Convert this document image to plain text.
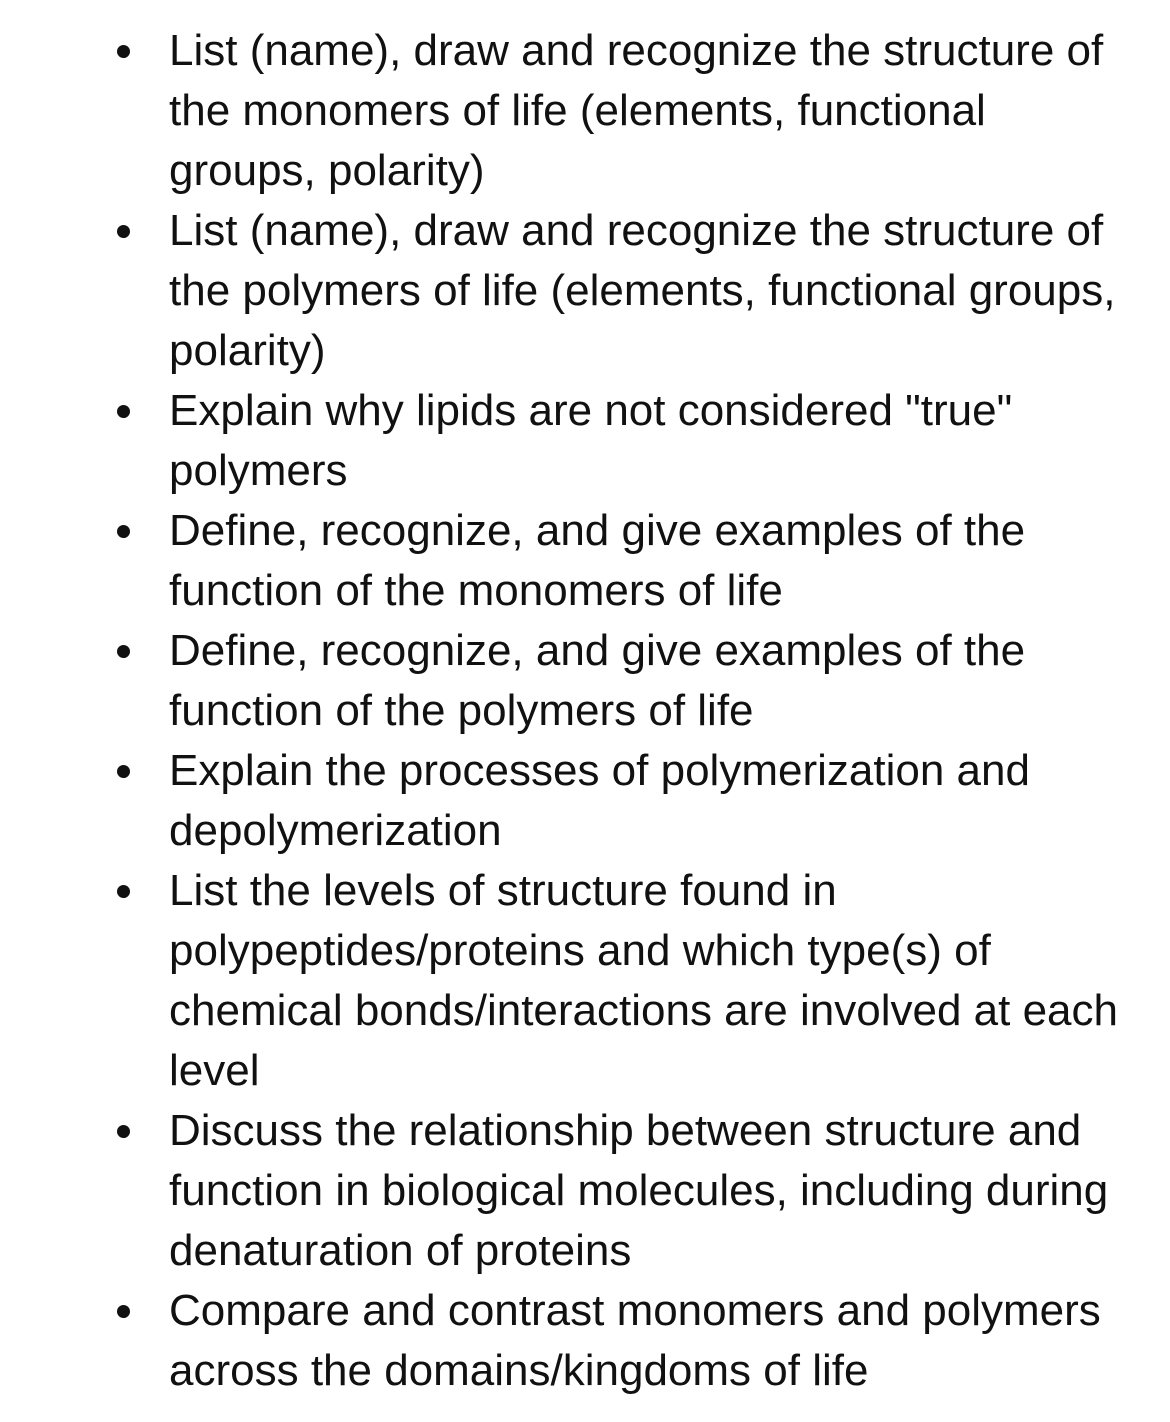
List (name), draw and recognize the structure of the monomers of life (elements, functional groups, polarity)
List (name), draw and recognize the structure of the polymers of life (elements, functional groups, polarity)
Explain why lipids are not considered "true" polymers
Define, recognize, and give examples of the function of the monomers of life
Define, recognize, and give examples of the function of the polymers of life
Explain the processes of polymerization and depolymerization
List the levels of structure found in polypeptides/proteins and which type(s) of chemical bonds/interactions are involved at each level
Discuss the relationship between structure and function in biological molecules, including during denaturation of proteins
Compare and contrast monomers and polymers across the domains/kingdoms of life
